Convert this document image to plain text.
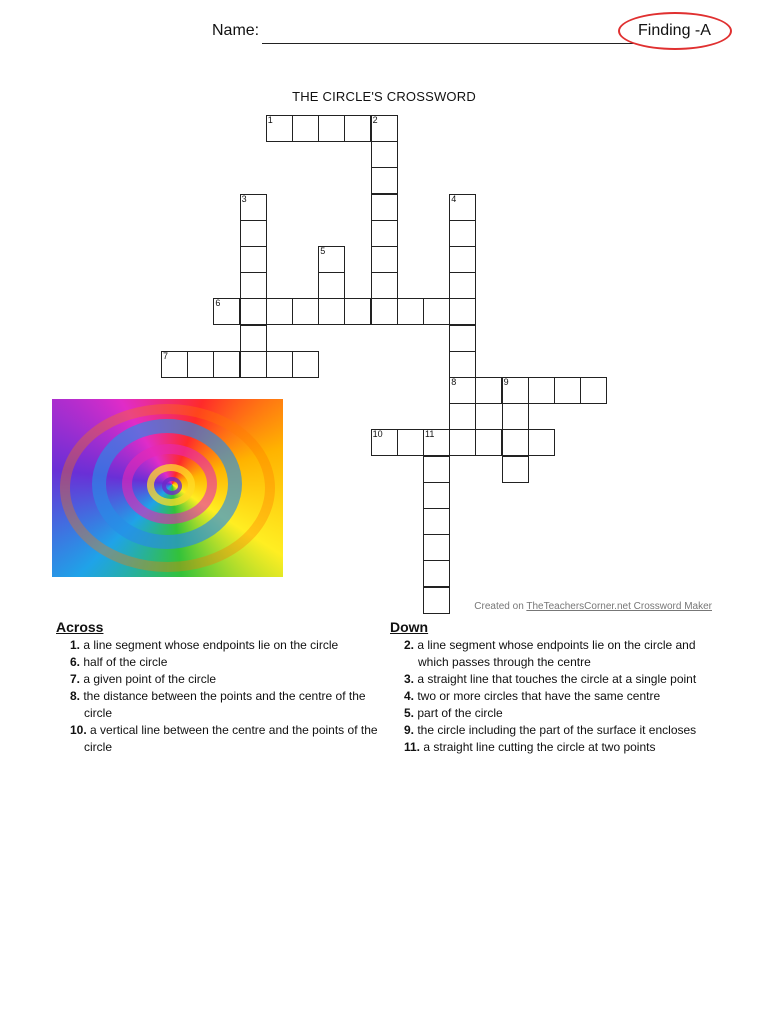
Name:	Finding -A
THE CIRCLE'S CROSSWORD
1	2
3	4
8
5
6
7
9
10	11
Created on TheTeachersCorner.net Crossword Maker
Across
1. a line segment whose endpoints lie on the circle
6. half of the circle
7. a given point of the circle
8. the distance between the points and the centre of the circle
10. a vertical line between the centre and the points of the circle
Down
2. a line segment whose endpoints lie on the circle and which passes through the centre
3. a straight line that touches the circle at a single point
4. two or more circles that have the same centre
5. part of the circle
9. the circle including the part of the surface it encloses
11. a straight line cutting the circle at two points
